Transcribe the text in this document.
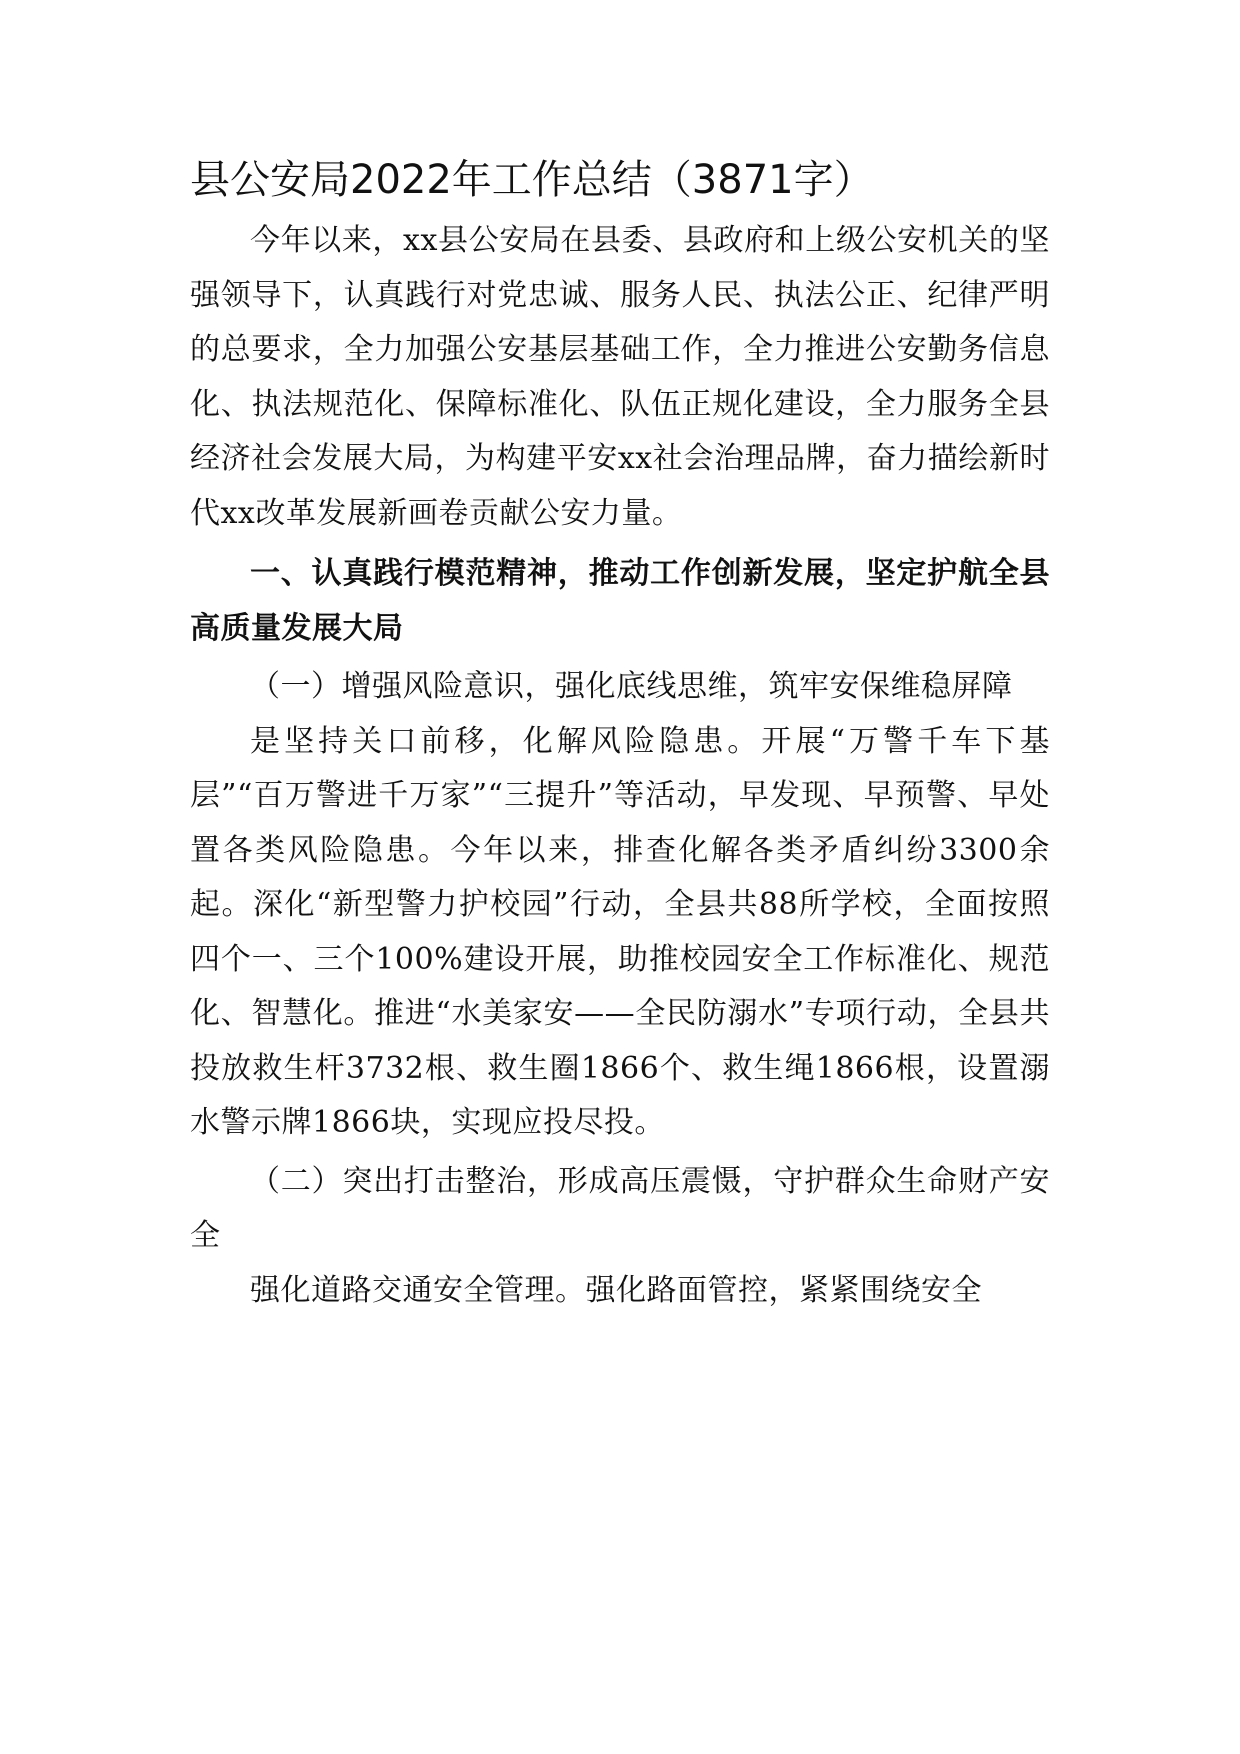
县公安局2022年工作总结（3871字）

今年以来，xx县公安局在县委、县政府和上级公安机关的坚强领导下，认真践行对党忠诚、服务人民、执法公正、纪律严明的总要求，全力加强公安基层基础工作，全力推进公安勤务信息化、执法规范化、保障标准化、队伍正规化建设，全力服务全县经济社会发展大局，为构建平安xx社会治理品牌，奋力描绘新时代xx改革发展新画卷贡献公安力量。

一、认真践行模范精神，推动工作创新发展，坚定护航全县高质量发展大局

（一）增强风险意识，强化底线思维，筑牢安保维稳屏障

是坚持关口前移，化解风险隐患。开展“万警千车下基层”“百万警进千万家”“三提升”等活动，早发现、早预警、早处置各类风险隐患。今年以来，排查化解各类矛盾纠纷3300余起。深化“新型警力护校园”行动，全县共88所学校，全面按照四个一、三个100%建设开展，助推校园安全工作标准化、规范化、智慧化。推进“水美家安——全民防溺水”专项行动，全县共投放救生杆3732根、救生圈1866个、救生绳1866根，设置溺水警示牌1866块，实现应投尽投。

（二）突出打击整治，形成高压震慑，守护群众生命财产安全

强化道路交通安全管理。强化路面管控，紧紧围绕安全
